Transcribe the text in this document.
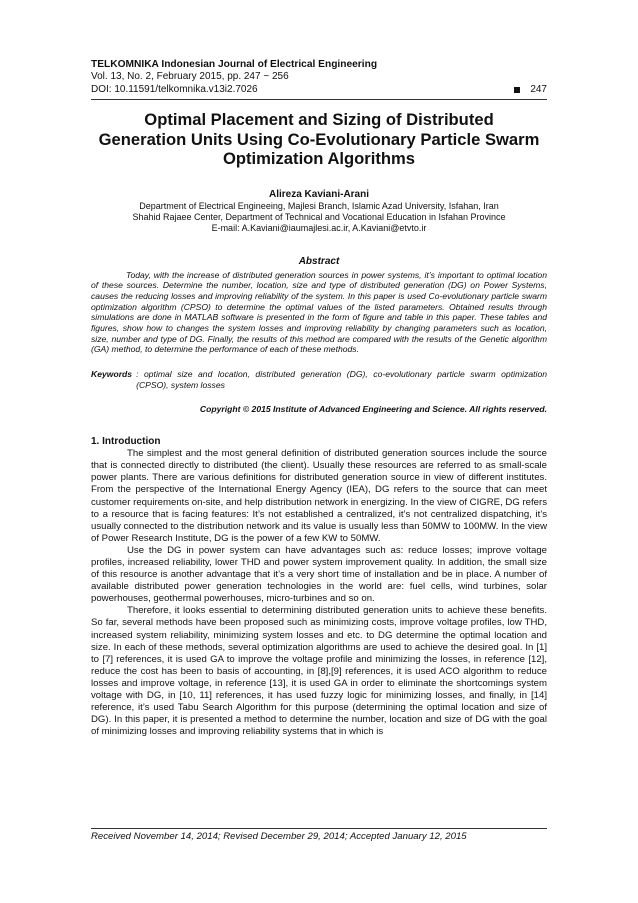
TELKOMNIKA Indonesian Journal of Electrical Engineering
Vol. 13, No. 2, February 2015, pp. 247 ~ 256
DOI: 10.11591/telkomnika.v13i2.7026	247
Optimal Placement and Sizing of Distributed
Generation Units Using Co-Evolutionary Particle Swarm
Optimization Algorithms
Alireza Kaviani-Arani
Department of Electrical Engineeing, Majlesi Branch, Islamic Azad University, Isfahan, Iran
Shahid Rajaee Center, Department of Technical and Vocational Education in Isfahan Province
E-mail: A.Kaviani@iaumajlesi.ac.ir, A.Kaviani@etvto.ir
Abstract

Today, with the increase of distributed generation sources in power systems, it’s important to optimal location of these sources. Determine the number, location, size and type of distributed generation (DG) on Power Systems, causes the reducing losses and improving reliability of the system. In this paper is used Co-evolutionary particle swarm optimization algorithm (CPSO) to determine the optimal values of the listed parameters. Obtained results through simulations are done in MATLAB software is presented in the form of figure and table in this paper. These tables and figures, show how to changes the system losses and improving reliability by changing parameters such as location, size, number and type of DG. Finally, the results of this method are compared with the results of the Genetic algorithm (GA) method, to determine the performance of each of these methods.

Keywords : optimal size and location, distributed generation (DG), co-evolutionary particle swarm optimization (CPSO), system losses
Copyright © 2015 Institute of Advanced Engineering and Science. All rights reserved.
1. Introduction

The simplest and the most general definition of distributed generation sources include the source that is connected directly to distributed (the client). Usually these resources are referred to as small-scale power plants. There are various definitions for distributed generation source in view of different institutes. From the perspective of the International Energy Agency (IEA), DG refers to the source that can meet customer requirements on-site, and help distribution network in energizing. In the view of CIGRE, DG refers to a resource that is facing features: It’s not established a centralized, it’s not centralized dispatching, it’s usually connected to the distribution network and its value is usually less than 50MW to 100MW. In the view of Power Research Institute, DG is the power of a few KW to 50MW.

Use the DG in power system can have advantages such as: reduce losses; improve voltage profiles, increased reliability, lower THD and power system improvement quality. In addition, the small size of this resource is another advantage that it’s a very short time of installation and be in place. A number of available distributed power generation technologies in the world are: fuel cells, wind turbines, solar powerhouses, geothermal powerhouses, micro-turbines and so on.

Therefore, it looks essential to determining distributed generation units to achieve these benefits. So far, several methods have been proposed such as minimizing costs, improve voltage profiles, low THD, increased system reliability, minimizing system losses and etc. to DG determine the optimal location and size. In each of these methods, several optimization algorithms are used to achieve the desired goal. In [1] to [7] references, it is used GA to improve the voltage profile and minimizing the losses, in reference [12], reduce the cost has been to basis of accounting, in [8],[9] references, it is used ACO algorithm to reduce losses and improve voltage, in reference [13], it is used GA in order to eliminate the shortcomings system voltage with DG, in [10, 11] references, it has used fuzzy logic for minimizing losses, and finally, in [14] reference, it’s used Tabu Search Algorithm for this purpose (determining the optimal location and size of DG). In this paper, it is presented a method to determine the number, location and size of DG with the goal of minimizing losses and improving reliability systems that in which is

Received November 14, 2014; Revised December 29, 2014; Accepted January 12, 2015
